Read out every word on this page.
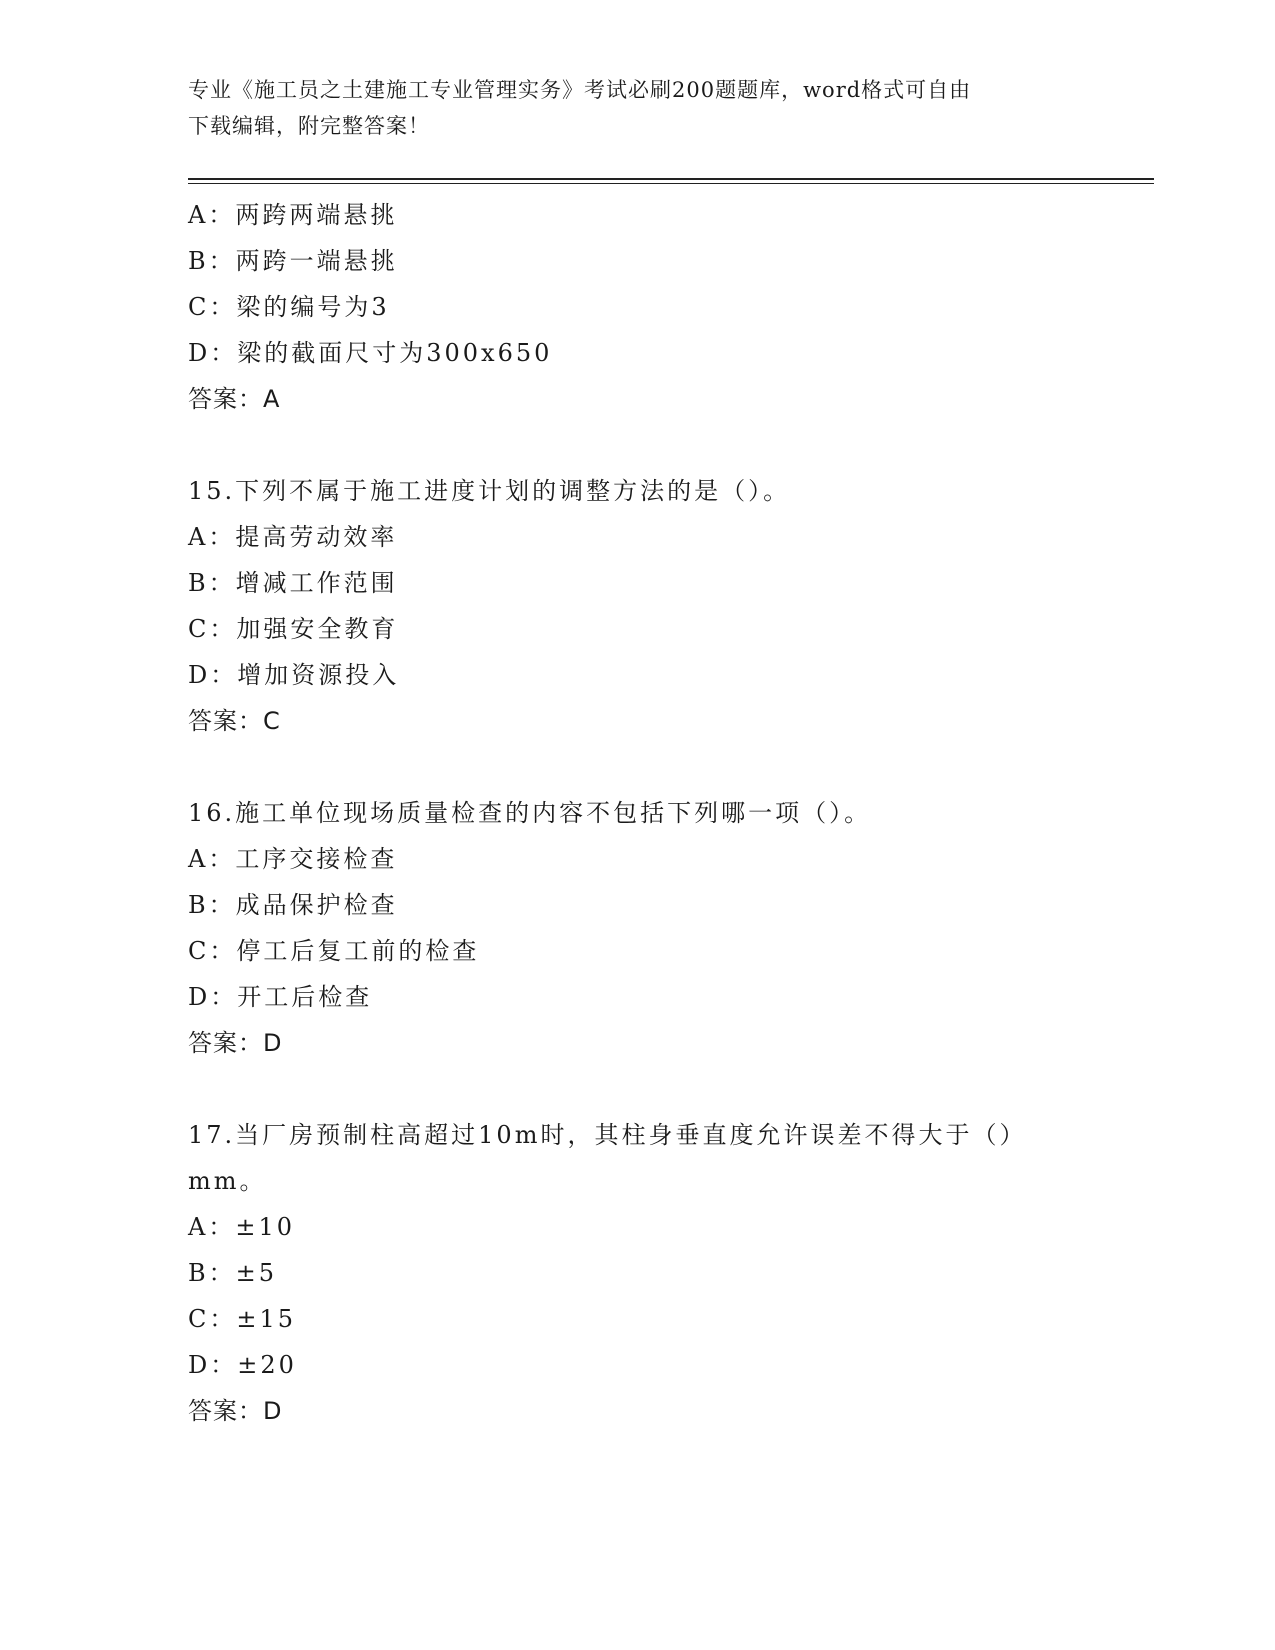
专业《施工员之土建施工专业管理实务》考试必刷200题题库，word格式可自由
下载编辑，附完整答案！
A：两跨两端悬挑
B：两跨一端悬挑
C：梁的编号为3
D：梁的截面尺寸为300x650
答案：A
15.下列不属于施工进度计划的调整方法的是（）。
A：提高劳动效率
B：增减工作范围
C：加强安全教育
D：增加资源投入
答案：C
16.施工单位现场质量检查的内容不包括下列哪一项（）。
A：工序交接检查
B：成品保护检查
C：停工后复工前的检查
D：开工后检查
答案：D
17.当厂房预制柱高超过10m时，其柱身垂直度允许误差不得大于（）
mm。
A：±10
B：±5
C：±15
D：±20
答案：D
